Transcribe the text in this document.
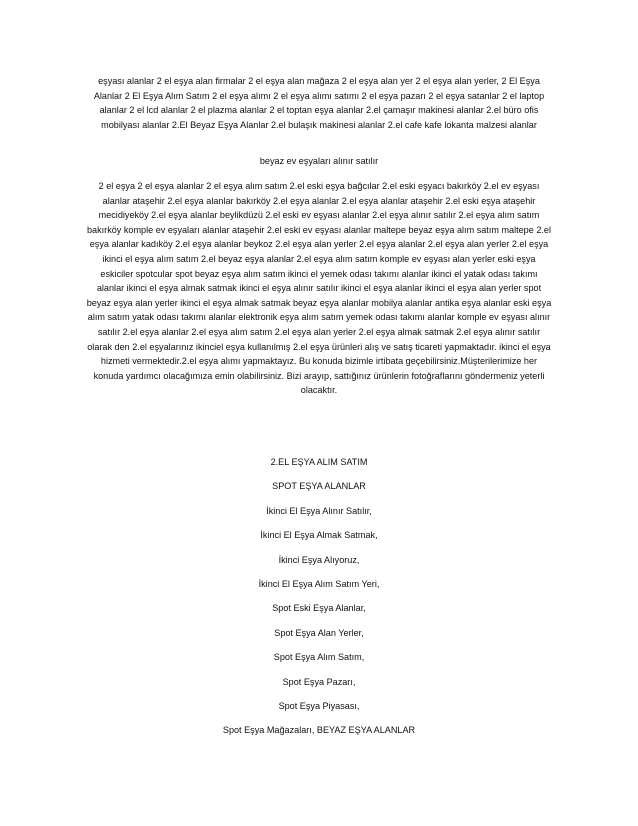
eşyası alanlar 2 el eşya alan firmalar 2 el eşya alan mağaza 2 el eşya alan yer 2 el eşya alan yerler, 2 El Eşya Alanlar 2 El Eşya Alım Satım 2 el eşya alımı 2 el eşya alımı satımı 2 el eşya pazarı 2 el eşya satanlar 2 el laptop alanlar 2 el lcd alanlar 2 el plazma alanlar 2 el toptan eşya alanlar 2.el çamaşır makinesi alanlar 2.el büro ofis mobilyası alanlar 2.El Beyaz Eşya Alanlar 2.el bulaşık makinesi alanlar 2.el cafe kafe lokanta malzesi alanlar

beyaz ev eşyaları alınır satılır

2 el eşya 2 el eşya alanlar 2 el eşya alım satım 2.el eski eşya bağcılar 2.el eski eşyacı bakırköy 2.el ev eşyası alanlar ataşehir 2.el eşya alanlar bakırköy 2.el eşya alanlar 2.el eşya alanlar ataşehir 2.el eski eşya ataşehir mecidiyeköy 2.el eşya alanlar beylikdüzü 2.el eski ev eşyası alanlar 2.el eşya alınır satılır 2.el eşya alım satım bakırköy komple ev eşyaları alanlar ataşehir 2.el eski ev eşyası alanlar maltepe beyaz eşya alım satım maltepe 2.el eşya alanlar kadıköy 2.el eşya alanlar beykoz 2.el eşya alan yerler 2.el eşya alanlar 2.el eşya alan yerler 2.el eşya ikinci el eşya alım satım 2.el beyaz eşya alanlar 2.el eşya alım satım komple ev eşyası alan yerler eski eşya eskiciler spotcular spot beyaz eşya alım satım ikinci el yemek odası takımı alanlar ikinci el yatak odası takımı alanlar ikinci el eşya almak satmak ikinci el eşya alınır satılır ikinci el eşya alanlar ikinci el eşya alan yerler spot beyaz eşya alan yerler ikinci el eşya almak satmak beyaz eşya alanlar mobilya alanlar antika eşya alanlar eski eşya alım satım yatak odası takımı alanlar elektronik eşya alım satım yemek odası takımı alanlar komple ev eşyası alınır satılır 2.el eşya alanlar 2.el eşya alım satım 2.el eşya alan yerler 2.el eşya almak satmak 2.el eşya alınır satılır olarak den 2.el eşyalarınız ikinciel eşya kullanılmış 2.el eşya ürünleri alış ve satış ticareti yapmaktadır. ikinci el eşya hizmeti vermektedir.2.el eşya alımı yapmaktayız. Bu konuda bizimle irtibata geçebilirsiniz.Müşterilerimize her konuda yardımcı olacağımıza emin olabilirsiniz. Bizi arayıp, sattığınız ürünlerin fotoğraflarını göndermeniz yeterli olacaktır.

2.EL EŞYA ALIM SATIM
SPOT EŞYA ALANLAR
İkinci El Eşya Alınır Satılır,
İkinci El Eşya Almak Satmak,
İkinci Eşya Alıyoruz,
İkinci El Eşya Alım Satım Yeri,
Spot Eski Eşya Alanlar,
Spot Eşya Alan Yerler,
Spot Eşya Alım Satım,
Spot Eşya Pazarı,
Spot Eşya Piyasası,
Spot Eşya Mağazaları, BEYAZ EŞYA ALANLAR
